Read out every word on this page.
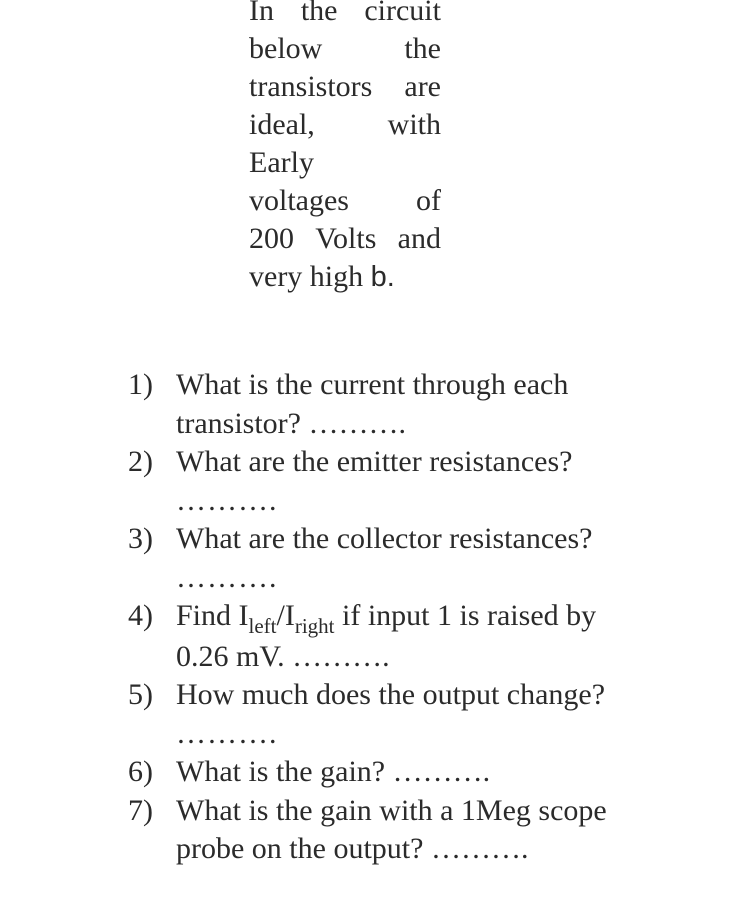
In the circuit
below	the
transistors are
ideal, with
Early
voltages of
200 Volts and
very high b.
1) What is the current through each
transistor? ……….
2) What are the emitter resistances?
……….
3) What are the collector resistances?
……….
4) Find $I_{left}/I_{right}$ if input 1 is raised by
0.26 mV. ……….
5) How much does the output change?
……….
6) What is the gain? ……….
7) What is the gain with a 1Meg scope
probe on the output? ……….
